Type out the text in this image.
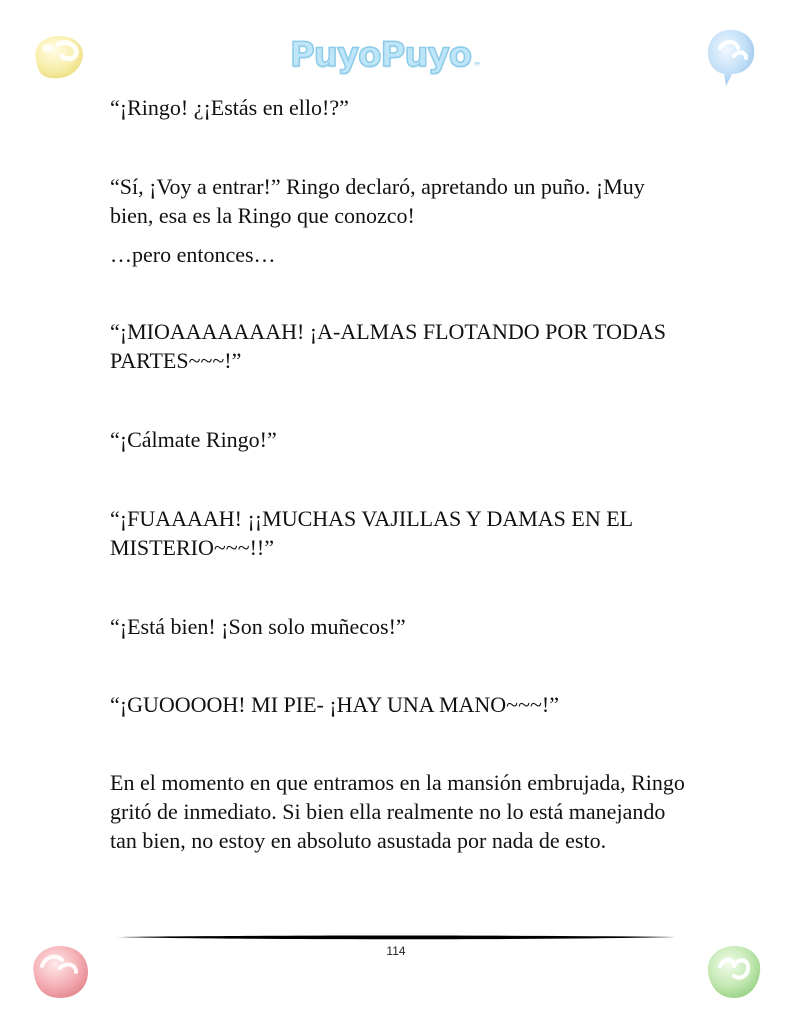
PuyoPuyo ™

“¡Ringo! ¿¡Estás en ello!?”

“Sí, ¡Voy a entrar!” Ringo declaró, apretando un puño. ¡Muy bien, esa es la Ringo que conozco!

…pero entonces…

“¡MIOAAAAAAAH! ¡A-ALMAS FLOTANDO POR TODAS PARTES~~~!”

“¡Cálmate Ringo!”

“¡FUAAAAH! ¡¡MUCHAS VAJILLAS Y DAMAS EN EL MISTERIO~~~!!”

“¡Está bien! ¡Son solo muñecos!”

“¡GUOOOOH! MI PIE- ¡HAY UNA MANO~~~!”

En el momento en que entramos en la mansión embrujada, Ringo gritó de inmediato. Si bien ella realmente no lo está manejando tan bien, no estoy en absoluto asustada por nada de esto.

114
